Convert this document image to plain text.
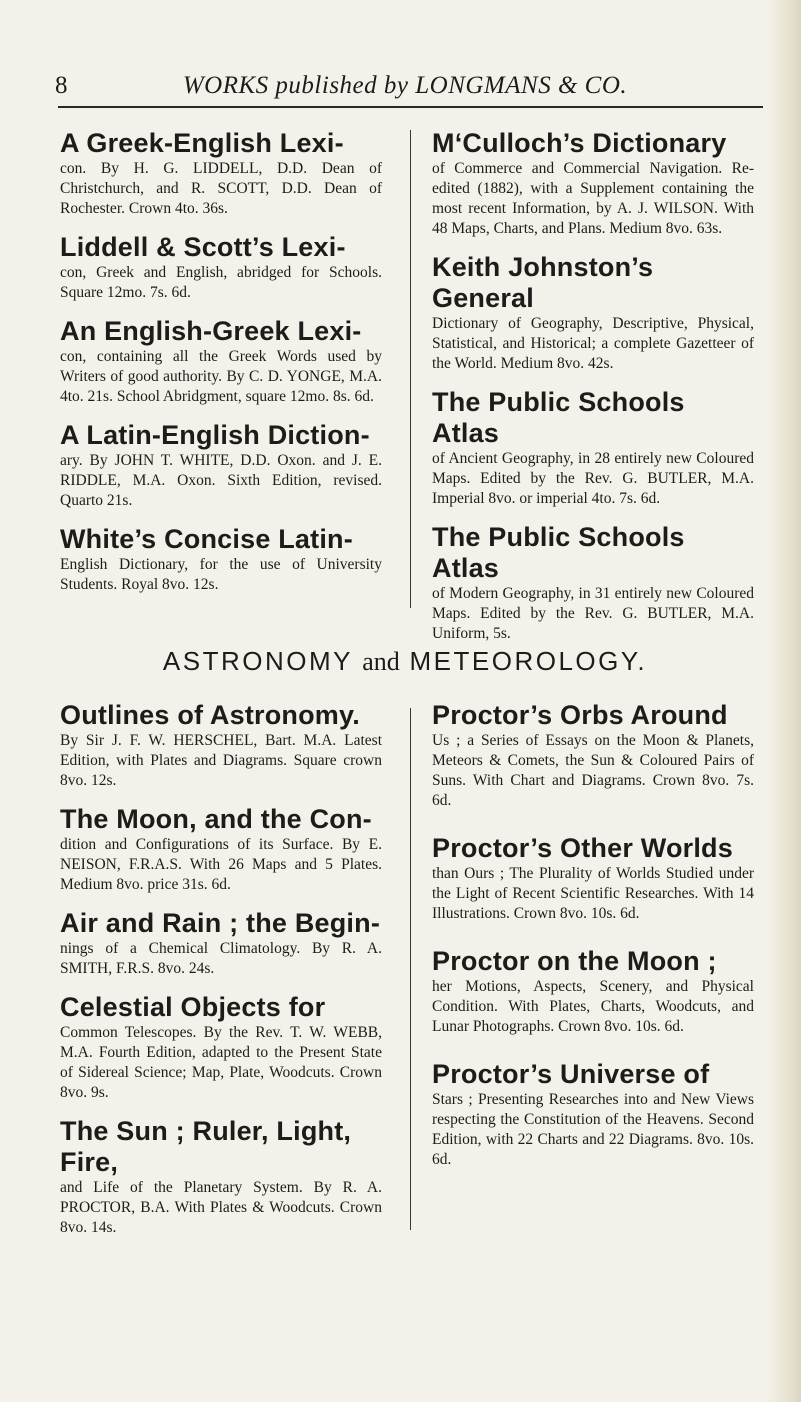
8	WORKS published by LONGMANS & CO.
A Greek-English Lexi-
con. By H. G. LIDDELL, D.D. Dean of Christchurch, and R. SCOTT, D.D. Dean of Rochester. Crown 4to. 36s.
Liddell & Scott’s Lexi-
con, Greek and English, abridged for Schools. Square 12mo. 7s. 6d.
An English-Greek Lexi-
con, containing all the Greek Words used by Writers of good authority. By C. D. YONGE, M.A. 4to. 21s. School Abridgment, square 12mo. 8s. 6d.
A Latin-English Diction-
ary. By JOHN T. WHITE, D.D. Oxon. and J. E. RIDDLE, M.A. Oxon. Sixth Edition, revised. Quarto 21s.
White’s Concise Latin-
English Dictionary, for the use of University Students. Royal 8vo. 12s.
M‘Culloch’s Dictionary
of Commerce and Commercial Navigation. Re-edited (1882), with a Supplement containing the most recent Information, by A. J. WILSON. With 48 Maps, Charts, and Plans. Medium 8vo. 63s.
Keith Johnston’s General
Dictionary of Geography, Descriptive, Physical, Statistical, and Historical; a complete Gazetteer of the World. Medium 8vo. 42s.
The Public Schools Atlas
of Ancient Geography, in 28 entirely new Coloured Maps. Edited by the Rev. G. BUTLER, M.A. Imperial 8vo. or imperial 4to. 7s. 6d.
The Public Schools Atlas
of Modern Geography, in 31 entirely new Coloured Maps. Edited by the Rev. G. BUTLER, M.A. Uniform, 5s.
ASTRONOMY and METEOROLOGY.
Outlines of Astronomy.
By Sir J. F. W. HERSCHEL, Bart. M.A. Latest Edition, with Plates and Diagrams. Square crown 8vo. 12s.
The Moon, and the Con-
dition and Configurations of its Surface. By E. NEISON, F.R.A.S. With 26 Maps and 5 Plates. Medium 8vo. price 31s. 6d.
Air and Rain ; the Begin-
nings of a Chemical Climatology. By R. A. SMITH, F.R.S. 8vo. 24s.
Celestial Objects for
Common Telescopes. By the Rev. T. W. WEBB, M.A. Fourth Edition, adapted to the Present State of Sidereal Science; Map, Plate, Woodcuts. Crown 8vo. 9s.
The Sun ; Ruler, Light, Fire,
and Life of the Planetary System. By R. A. PROCTOR, B.A. With Plates & Woodcuts. Crown 8vo. 14s.
Proctor’s Orbs Around
Us ; a Series of Essays on the Moon & Planets, Meteors & Comets, the Sun & Coloured Pairs of Suns. With Chart and Diagrams. Crown 8vo. 7s. 6d.
Proctor’s Other Worlds
than Ours ; The Plurality of Worlds Studied under the Light of Recent Scientific Researches. With 14 Illustrations. Crown 8vo. 10s. 6d.
Proctor on the Moon ;
her Motions, Aspects, Scenery, and Physical Condition. With Plates, Charts, Woodcuts, and Lunar Photographs. Crown 8vo. 10s. 6d.
Proctor’s Universe of
Stars ; Presenting Researches into and New Views respecting the Constitution of the Heavens. Second Edition, with 22 Charts and 22 Diagrams. 8vo. 10s. 6d.
